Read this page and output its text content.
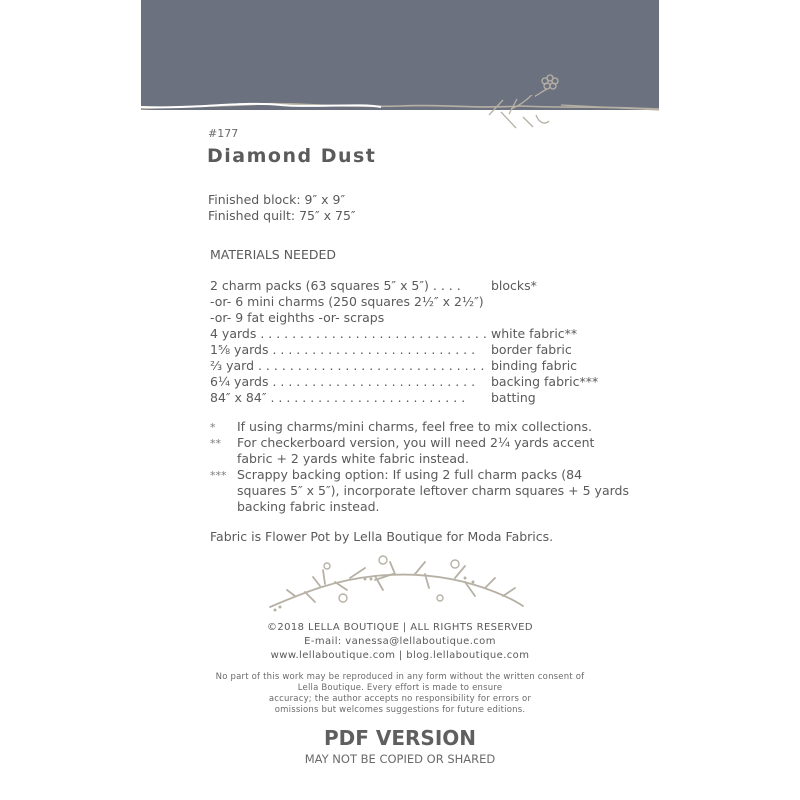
#177
Diamond Dust
Finished block: 9″ x 9″
Finished quilt: 75″ x 75″
MATERIALS NEEDED
2 charm packs (63 squares 5″ x 5″) . . . . blocks*
-or- 6 mini charms (250 squares 2½″ x 2½″)
-or- 9 fat eighths -or- scraps
4 yards . . . . . . . . . . . . . . . . . . . . . . . . . . . . . white fabric**
1⅝ yards . . . . . . . . . . . . . . . . . . . . . . . . . . border fabric
⅔ yard . . . . . . . . . . . . . . . . . . . . . . . . . . . . . binding fabric
6¼ yards . . . . . . . . . . . . . . . . . . . . . . . . . . backing fabric***
84″ x 84″ . . . . . . . . . . . . . . . . . . . . . . . . . batting
* If using charms/mini charms, feel free to mix collections.
** For checkerboard version, you will need 2¼ yards accent
fabric + 2 yards white fabric instead.
*** Scrappy backing option: If using 2 full charm packs (84
squares 5″ x 5″), incorporate leftover charm squares + 5 yards
backing fabric instead.
Fabric is Flower Pot by Lella Boutique for Moda Fabrics.
©2018 LELLA BOUTIQUE | ALL RIGHTS RESERVED
E-mail: vanessa@lellaboutique.com
www.lellaboutique.com | blog.lellaboutique.com
No part of this work may be reproduced in any form without the written consent of
Lella Boutique. Every effort is made to ensure
accuracy; the author accepts no responsibility for errors or
omissions but welcomes suggestions for future editions.
PDF VERSION
MAY NOT BE COPIED OR SHARED
